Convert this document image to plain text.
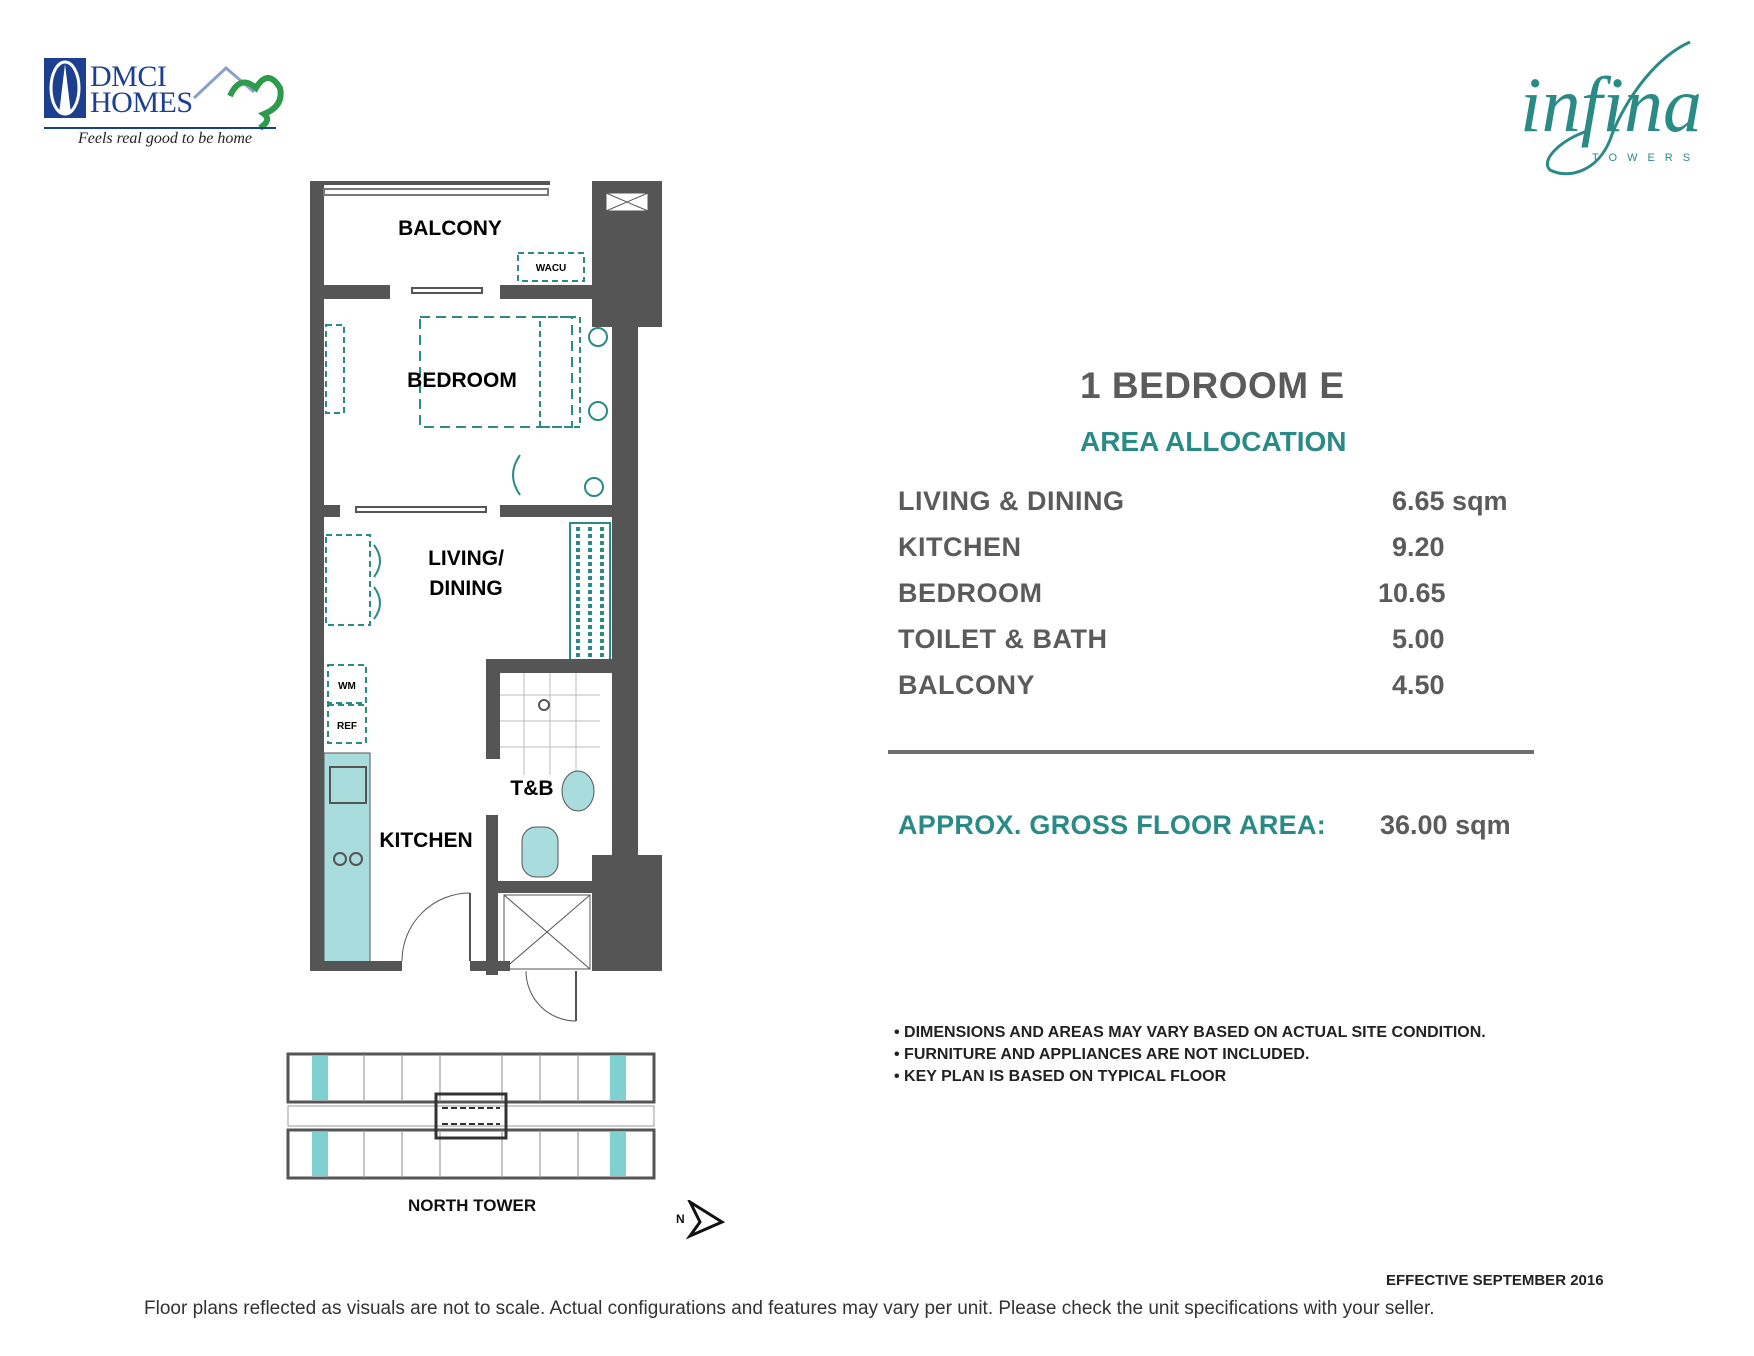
DMCI
HOMES
Feels real good to be home	infina
TOWERS
BALCONY
WACU
BEDROOM
LIVING/
DINING
WM
REF
T&B
KITCHEN
NORTH TOWER
N
1 BEDROOM E
AREA ALLOCATION
LIVING & DINING	6.65 sqm
KITCHEN	9.20
BEDROOM	10.65
TOILET & BATH	5.00
BALCONY	4.50
APPROX. GROSS FLOOR AREA: 36.00 sqm
• DIMENSIONS AND AREAS MAY VARY BASED ON ACTUAL SITE CONDITION.
• FURNITURE AND APPLIANCES ARE NOT INCLUDED.
• KEY PLAN IS BASED ON TYPICAL FLOOR
EFFECTIVE SEPTEMBER 2016
Floor plans reflected as visuals are not to scale. Actual configurations and features may vary per unit. Please check the unit specifications with your seller.
